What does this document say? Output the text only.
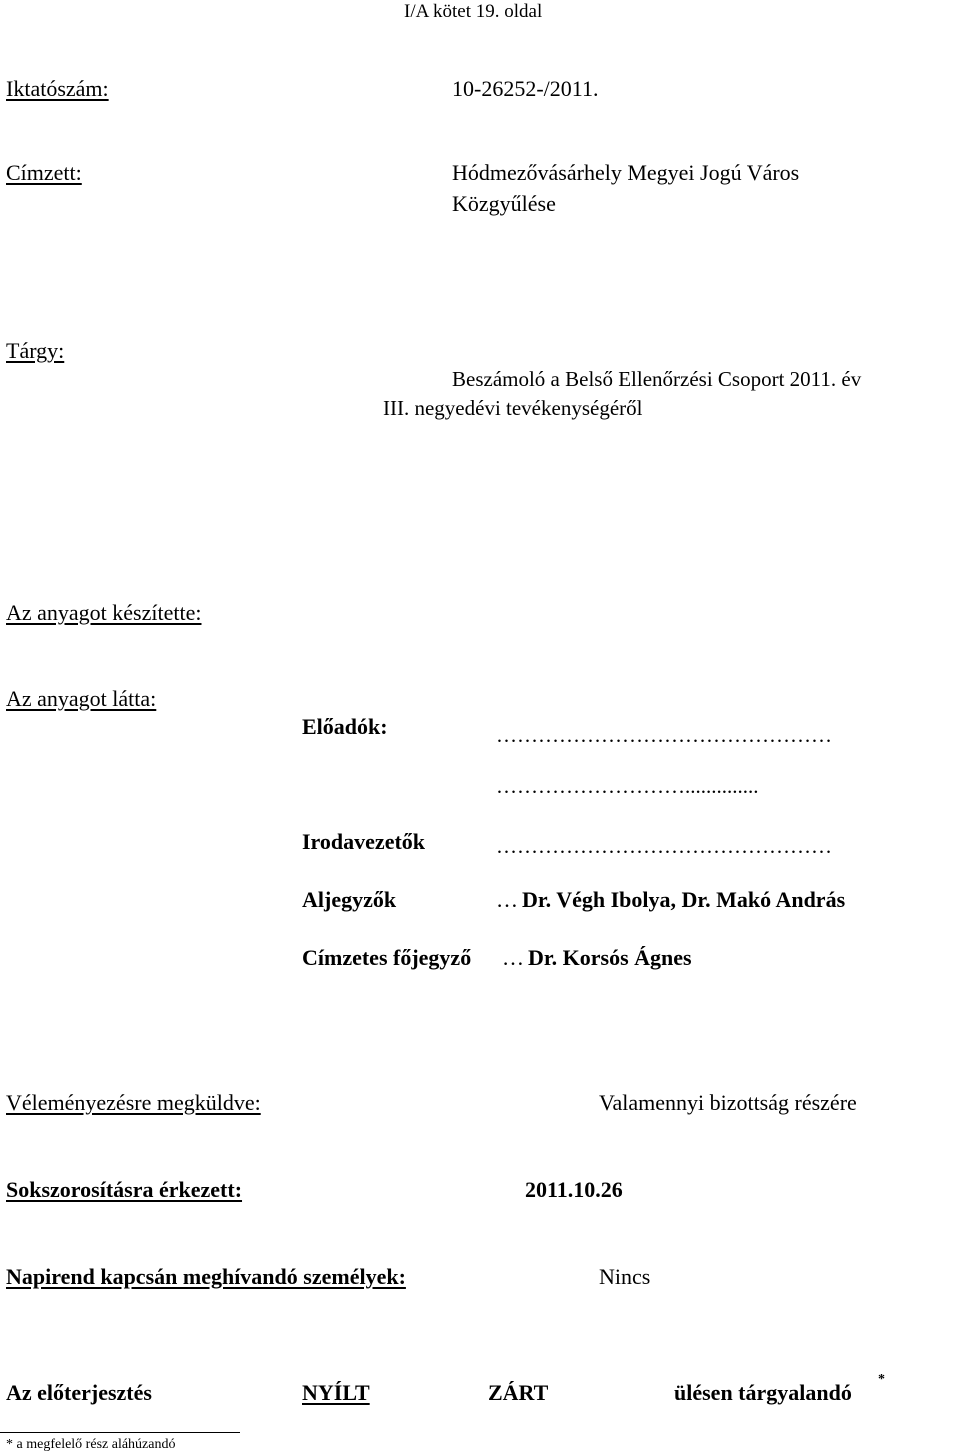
I/A kötet 19. oldal
Iktatószám:	10-26252-/2011.
Címzett:	Hódmezővásárhely Megyei Jogú Város
Közgyűlése
Tárgy:
Beszámoló a Belső Ellenőrzési Csoport 2011. év
III. negyedévi tevékenységéről
Az anyagot készítette:
Az anyagot látta:
Előadók:	…………………………………………
………………………..............
Irodavezetők	…………………………………………
Aljegyzők	… Dr. Végh Ibolya, Dr. Makó András
Címzetes főjegyző … Dr. Korsós Ágnes
Véleményezésre megküldve:	Valamennyi bizottság részére
Sokszorosításra érkezett:	2011.10.26
Napirend kapcsán meghívandó személyek:	Nincs
Az előterjesztés	NYÍLT	ZÁRT	ülésen tárgyalandó
*
* a megfelelő rész aláhúzandó
